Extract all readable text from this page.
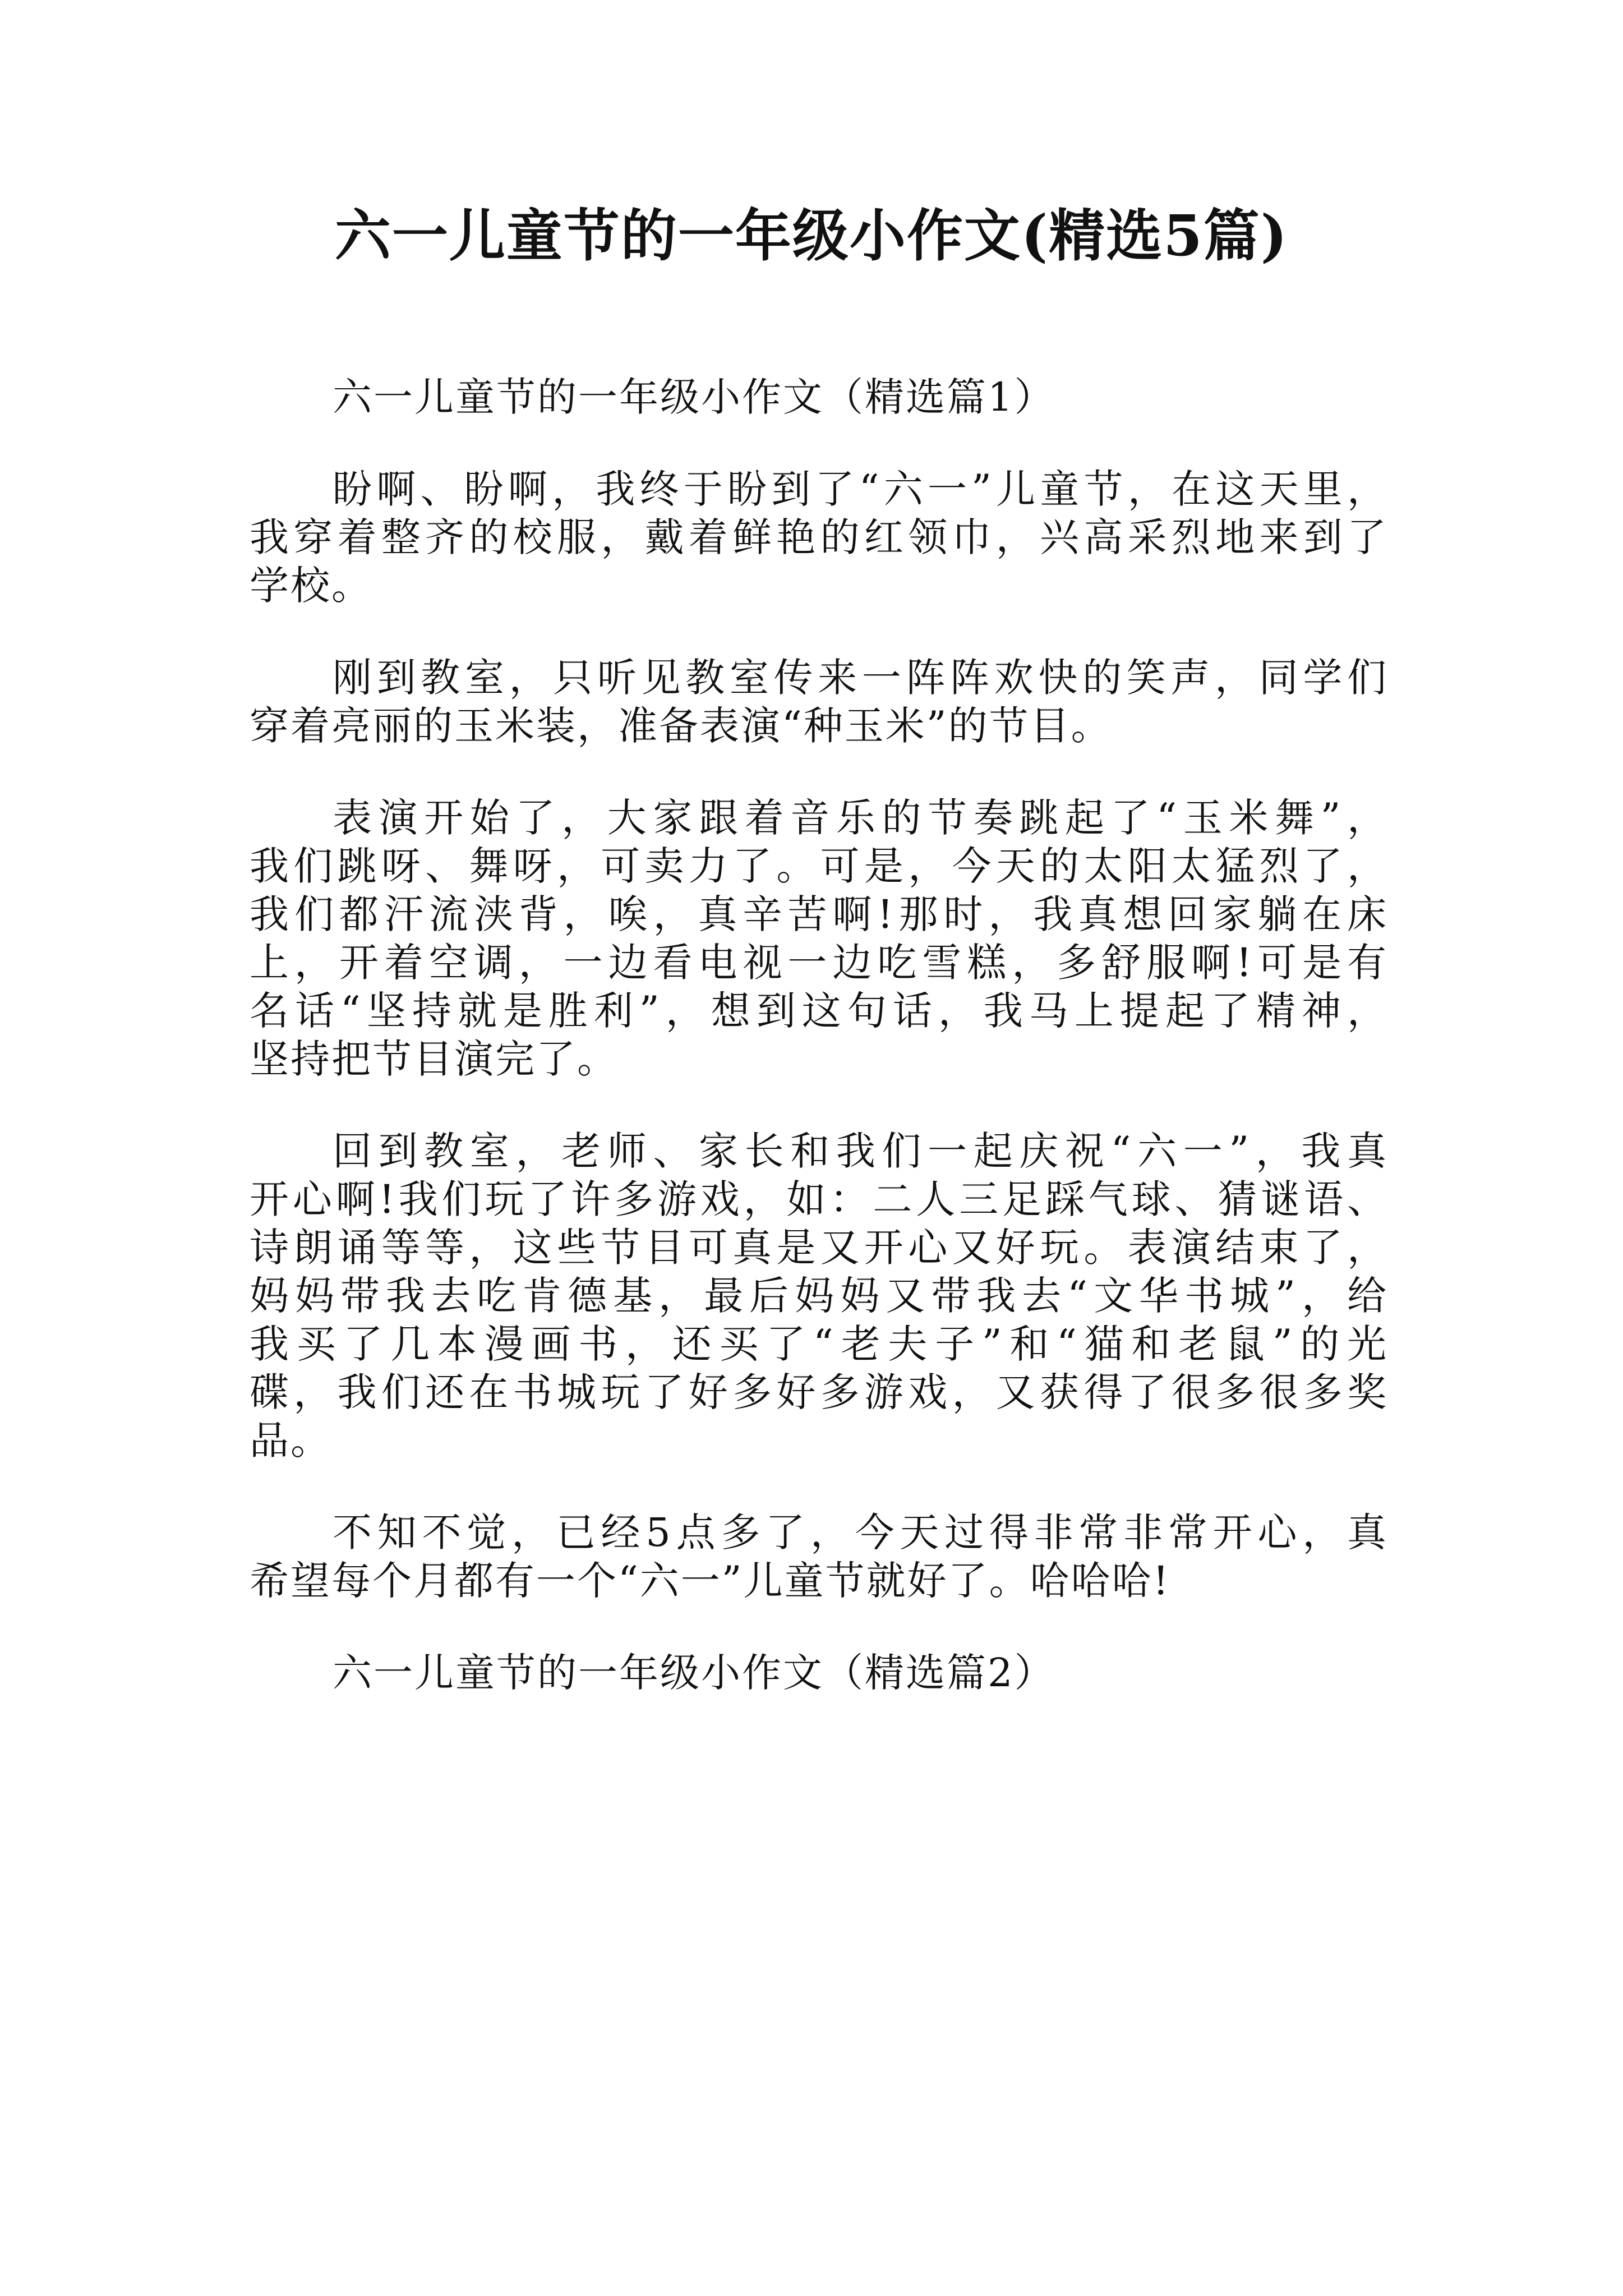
六一儿童节的一年级小作文(精选5篇)
六一儿童节的一年级小作文（精选篇1）
盼啊、盼啊，我终于盼到了“六一”儿童节，在这天里，
我穿着整齐的校服，戴着鲜艳的红领巾，兴高采烈地来到了
学校。
刚到教室，只听见教室传来一阵阵欢快的笑声，同学们
穿着亮丽的玉米装，准备表演“种玉米”的节目。
表演开始了，大家跟着音乐的节奏跳起了“玉米舞”，
我们跳呀、舞呀，可卖力了。可是，今天的太阳太猛烈了，
我们都汗流浃背，唉，真辛苦啊!那时，我真想回家躺在床
上，开着空调，一边看电视一边吃雪糕，多舒服啊!可是有
名话“坚持就是胜利”，想到这句话，我马上提起了精神，
坚持把节目演完了。
回到教室，老师、家长和我们一起庆祝“六一”，我真
开心啊!我们玩了许多游戏，如：二人三足踩气球、猜谜语、
诗朗诵等等，这些节目可真是又开心又好玩。表演结束了，
妈妈带我去吃肯德基，最后妈妈又带我去“文华书城”，给
我买了几本漫画书，还买了“老夫子”和“猫和老鼠”的光
碟，我们还在书城玩了好多好多游戏，又获得了很多很多奖
品。
不知不觉，已经5点多了，今天过得非常非常开心，真
希望每个月都有一个“六一”儿童节就好了。哈哈哈!
六一儿童节的一年级小作文（精选篇2）
